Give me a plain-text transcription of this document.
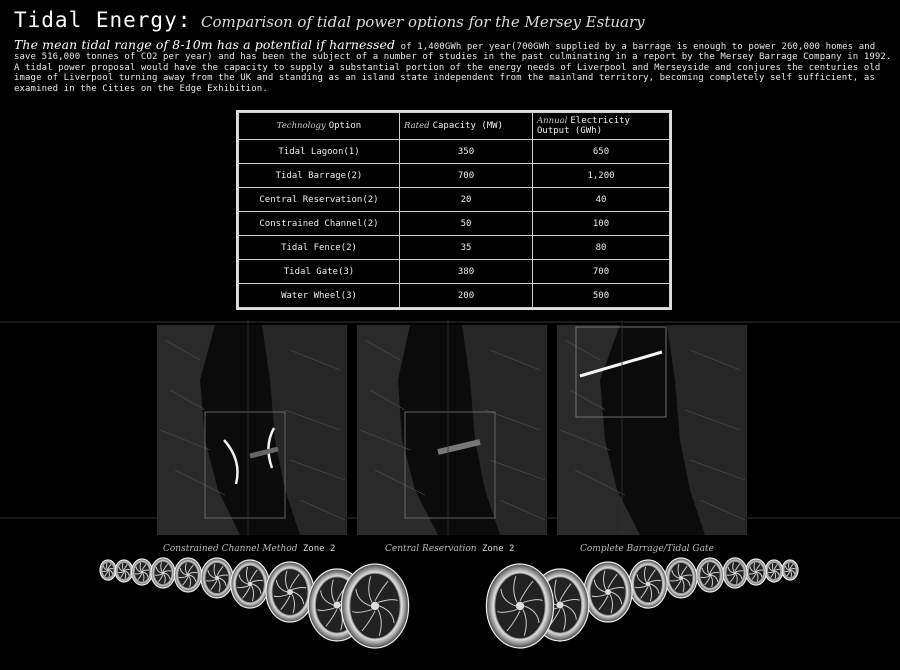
Tidal Energy: Comparison of tidal power options for the Mersey Estuary
The mean tidal range of 8-10m has a potential if harnessed of 1,400GWh per year(700GWh supplied by a barrage is enough to power 260,000 homes and save 516,000 tonnes of CO2 per year) and has been the subject of a number of studies in the past culminating in a report by the Mersey Barrage Company in 1992. A tidal power proposal would have the capacity to supply a substantial portion of the energy needs of Liverpool and Merseyside and conjures the centuries old image of Liverpool turning away from the UK and standing as an island state independent from the mainland territory, becoming completely self sufficient, as examined in the Cities on the Edge Exhibition.
Technology Option	Rated Capacity (MW)	Annual Electricity
Output (GWh)
Tidal Lagoon(1)	350	650
Tidal Barrage(2)	700	1,200
Central Reservation(2)	20	40
Constrained Channel(2)	50	100
Tidal Fence(2)	35	80
Tidal Gate(3)	380	700
Water Wheel(3)	200	500
Constrained Channel Method Zone 2	Central Reservation Zone 2	Complete Barrage/Tidal Gate
